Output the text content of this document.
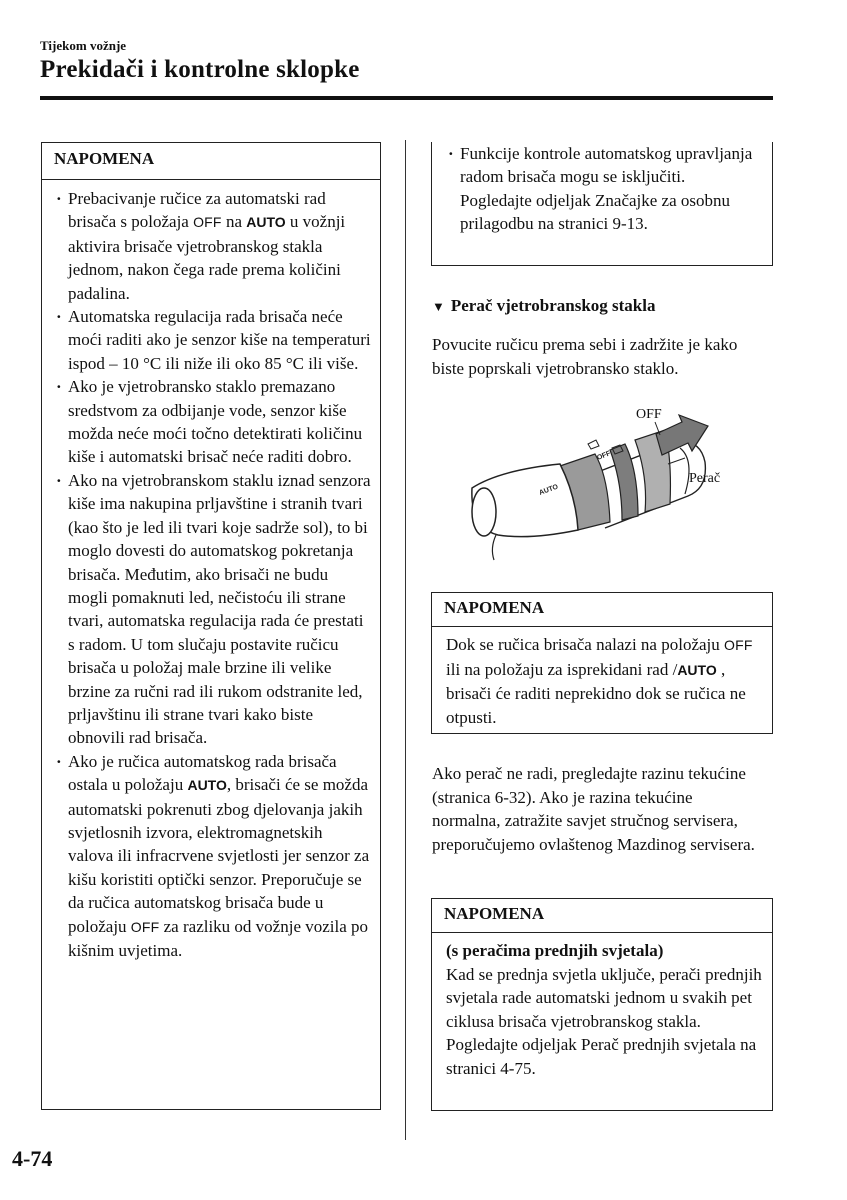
Tijekom vožnje
Prekidači i kontrolne sklopke
NAPOMENA
· Prebacivanje ručice za automatski rad brisača s položaja OFF na AUTO u vožnji aktivira brisače vjetrobranskog stakla jednom, nakon čega rade prema količini padalina.
· Automatska regulacija rada brisača neće moći raditi ako je senzor kiše na temperaturi ispod – 10 °C ili niže ili oko 85 °C ili više.
· Ako je vjetrobransko staklo premazano sredstvom za odbijanje vode, senzor kiše možda neće moći točno detektirati količinu kiše i automatski brisač neće raditi dobro.
· Ako na vjetrobranskom staklu iznad senzora kiše ima nakupina prljavštine i stranih tvari (kao što je led ili tvari koje sadrže sol), to bi moglo dovesti do automatskog pokretanja brisača. Međutim, ako brisači ne budu mogli pomaknuti led, nečistoću ili strane tvari, automatska regulacija rada će prestati s radom. U tom slučaju postavite ručicu brisača u položaj male brzine ili velike brzine za ručni rad ili rukom odstranite led, prljavštinu ili strane tvari kako biste obnovili rad brisača.
· Ako je ručica automatskog rada brisača ostala u položaju AUTO, brisači će se možda automatski pokrenuti zbog djelovanja jakih svjetlosnih izvora, elektromagnetskih valova ili infracrvene svjetlosti jer senzor za kišu koristiti optički senzor. Preporučuje se da ručica automatskog brisača bude u položaju OFF za razliku od vožnje vozila po kišnim uvjetima.
· Funkcije kontrole automatskog upravljanja radom brisača mogu se isključiti.
Pogledajte odjeljak Značajke za osobnu prilagodbu na stranici 9-13.
▼ Perač vjetrobranskog stakla
Povucite ručicu prema sebi i zadržite je kako biste poprskali vjetrobransko staklo.
OFF
AUTO
OFF
Perač
NAPOMENA
Dok se ručica brisača nalazi na položaju OFF ili na položaju za isprekidani rad /AUTO , brisači će raditi neprekidno dok se ručica ne otpusti.
Ako perač ne radi, pregledajte razinu tekućine (stranica 6-32). Ako je razina tekućine normalna, zatražite savjet stručnog servisera, preporučujemo ovlaštenog Mazdinog servisera.
NAPOMENA
(s peračima prednjih svjetala)
Kad se prednja svjetla uključe, perači prednjih svjetala rade automatski jednom u svakih pet ciklusa brisača vjetrobranskog stakla.
Pogledajte odjeljak Perač prednjih svjetala na stranici 4-75.
4-74
